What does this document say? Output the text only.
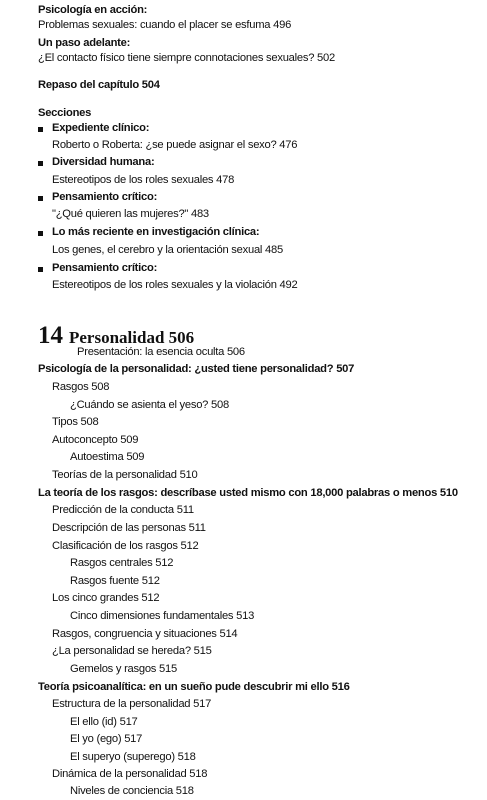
14 Personalidad 506
Psicología en acción:
Problemas sexuales: cuando el placer se esfuma 496
Un paso adelante:
¿El contacto físico tiene siempre connotaciones sexuales? 502
Repaso del capítulo 504
Secciones
Expediente clínico:
Roberto o Roberta: ¿se puede asignar el sexo? 476
Diversidad humana:
Estereotipos de los roles sexuales 478
Pensamiento crítico:
"¿Qué quieren las mujeres?" 483
Lo más reciente en investigación clínica:
Los genes, el cerebro y la orientación sexual 485
Pensamiento crítico:
Estereotipos de los roles sexuales y la violación 492
Presentación: la esencia oculta 506
Psicología de la personalidad: ¿usted tiene personalidad? 507
Rasgos 508
¿Cuándo se asienta el yeso? 508
Tipos 508
Autoconcepto 509
Autoestima 509
Teorías de la personalidad 510
La teoría de los rasgos: descríbase usted mismo con 18,000 palabras o menos 510
Predicción de la conducta 511
Descripción de las personas 511
Clasificación de los rasgos 512
Rasgos centrales 512
Rasgos fuente 512
Los cinco grandes 512
Cinco dimensiones fundamentales 513
Rasgos, congruencia y situaciones 514
¿La personalidad se hereda? 515
Gemelos y rasgos 515
Teoría psicoanalítica: en un sueño pude descubrir mi ello 516
Estructura de la personalidad 517
El ello (id) 517
El yo (ego) 517
El superyo (superego) 518
Dinámica de la personalidad 518
Niveles de conciencia 518
